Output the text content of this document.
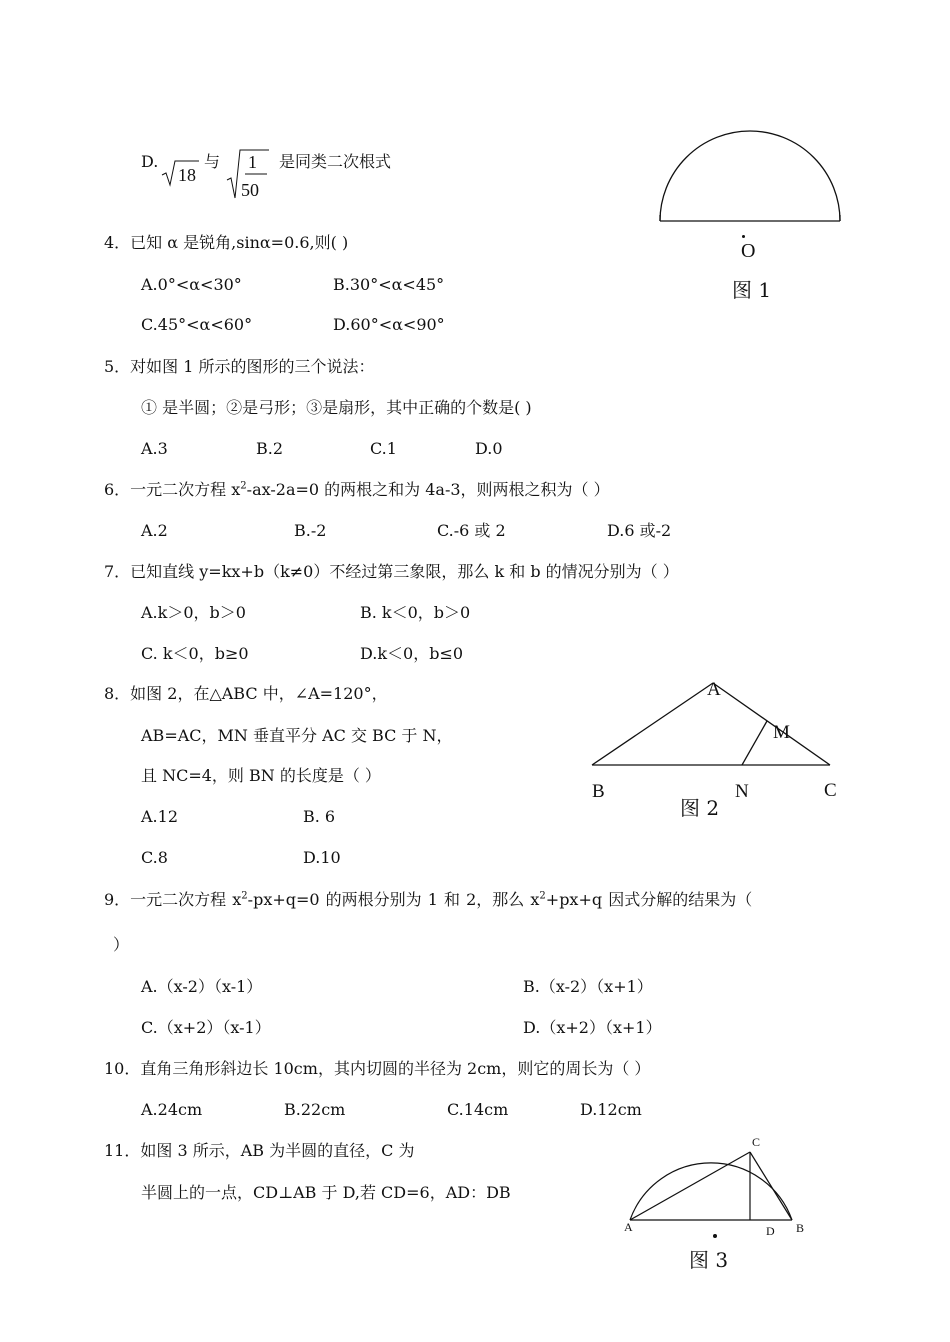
D.
18
与 1
50
是同类二次根式
4．已知 α 是锐角,sinα=0.6,则( )
A.0°<α<30°	B.30°<α<45°
C.45°<α<60°	D.60°<α<90°
5．对如图 1 所示的图形的三个说法：
① 是半圆；②是弓形；③是扇形，其中正确的个数是( )
A.3	B.2	C.1	D.0
6．一元二次方程 $x^2-ax-2a=0$ 的两根之和为 4a-3，则两根之积为（ ）
A.2	B.-2	C.-6 或 2	D.6 或-2
7．已知直线 y=kx+b（k≠0）不经过第三象限，那么 k 和 b 的情况分别为（ ）
A.k＞0，b＞0	B. k＜0，b＞0
C. k＜0，b≥0	D.k＜0，b≤0
8．如图 2，在△ABC 中，∠A=120°，
AB=AC，MN 垂直平分 AC 交 BC 于 N，
且 NC=4，则 BN 的长度是（ ）
A.12	B. 6
C.8	D.10
9．一元二次方程 $x^2-px+q=0$ 的两根分别为 1 和 2，那么 $x^2+px+q$ 因式分解的结果为（
）
A.（x-2）（x-1）	B.（x-2）（x+1）
C.（x+2）（x-1）	D.（x+2）（x+1）
10．直角三角形斜边长 10cm，其内切圆的半径为 2cm，则它的周长为（ ）
A.24cm	B.22cm	C.14cm	D.12cm
11．如图 3 所示，AB 为半圆的直径，C 为
半圆上的一点，CD⊥AB 于 D,若 CD=6，AD：DB
O
图 1
A
M
B	N	C
图 2
C
A	D B
图 3
